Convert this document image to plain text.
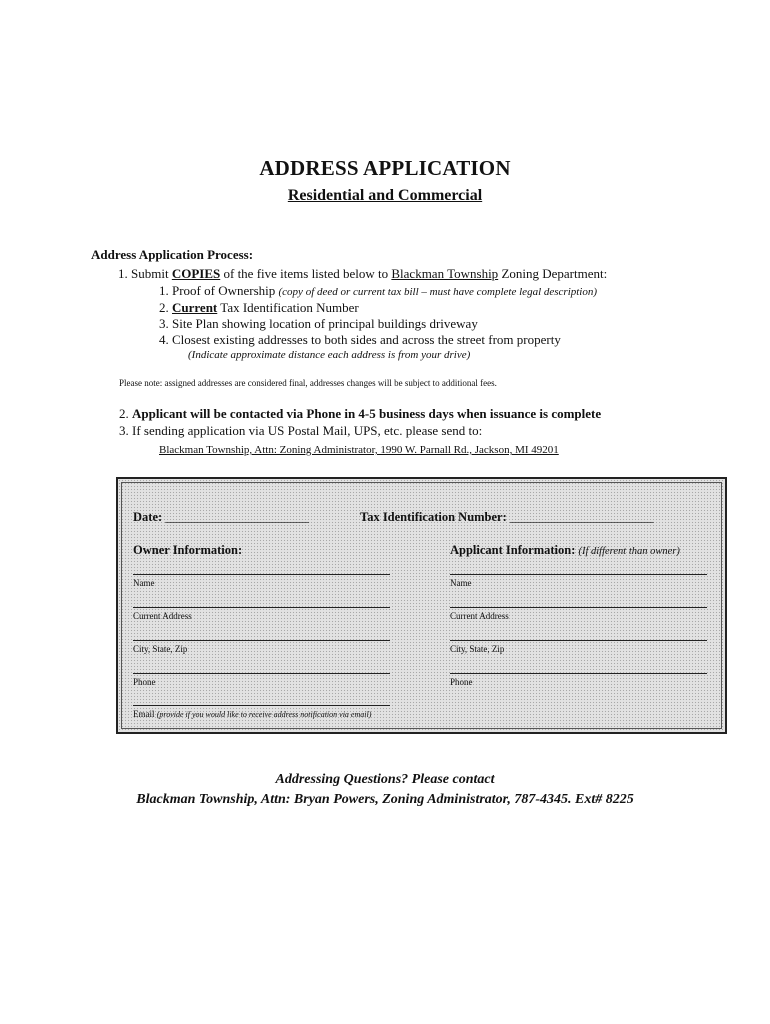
ADDRESS APPLICATION
Residential and Commercial
Address Application Process:
1. Submit COPIES of the five items listed below to Blackman Township Zoning Department:
1. Proof of Ownership (copy of deed or current tax bill – must have complete legal description)
2. Current Tax Identification Number
3. Site Plan showing location of principal buildings driveway
4. Closest existing addresses to both sides and across the street from property
(Indicate approximate distance each address is from your drive)
Please note: assigned addresses are considered final, addresses changes will be subject to additional fees.
2. Applicant will be contacted via Phone in 4-5 business days when issuance is complete
3. If sending application via US Postal Mail, UPS, etc. please send to:
Blackman Township, Attn: Zoning Administrator, 1990 W. Parnall Rd., Jackson, MI 49201
Date: _______________________	Tax Identification Number: _______________________
Owner Information:	Applicant Information: (If different than owner)
Name
Current Address
City, State, Zip
Phone
Email (provide if you would like to receive address notification via email)
Name
Current Address
City, State, Zip
Phone
Addressing Questions? Please contact
Blackman Township, Attn: Bryan Powers, Zoning Administrator, 787-4345. Ext# 8225
